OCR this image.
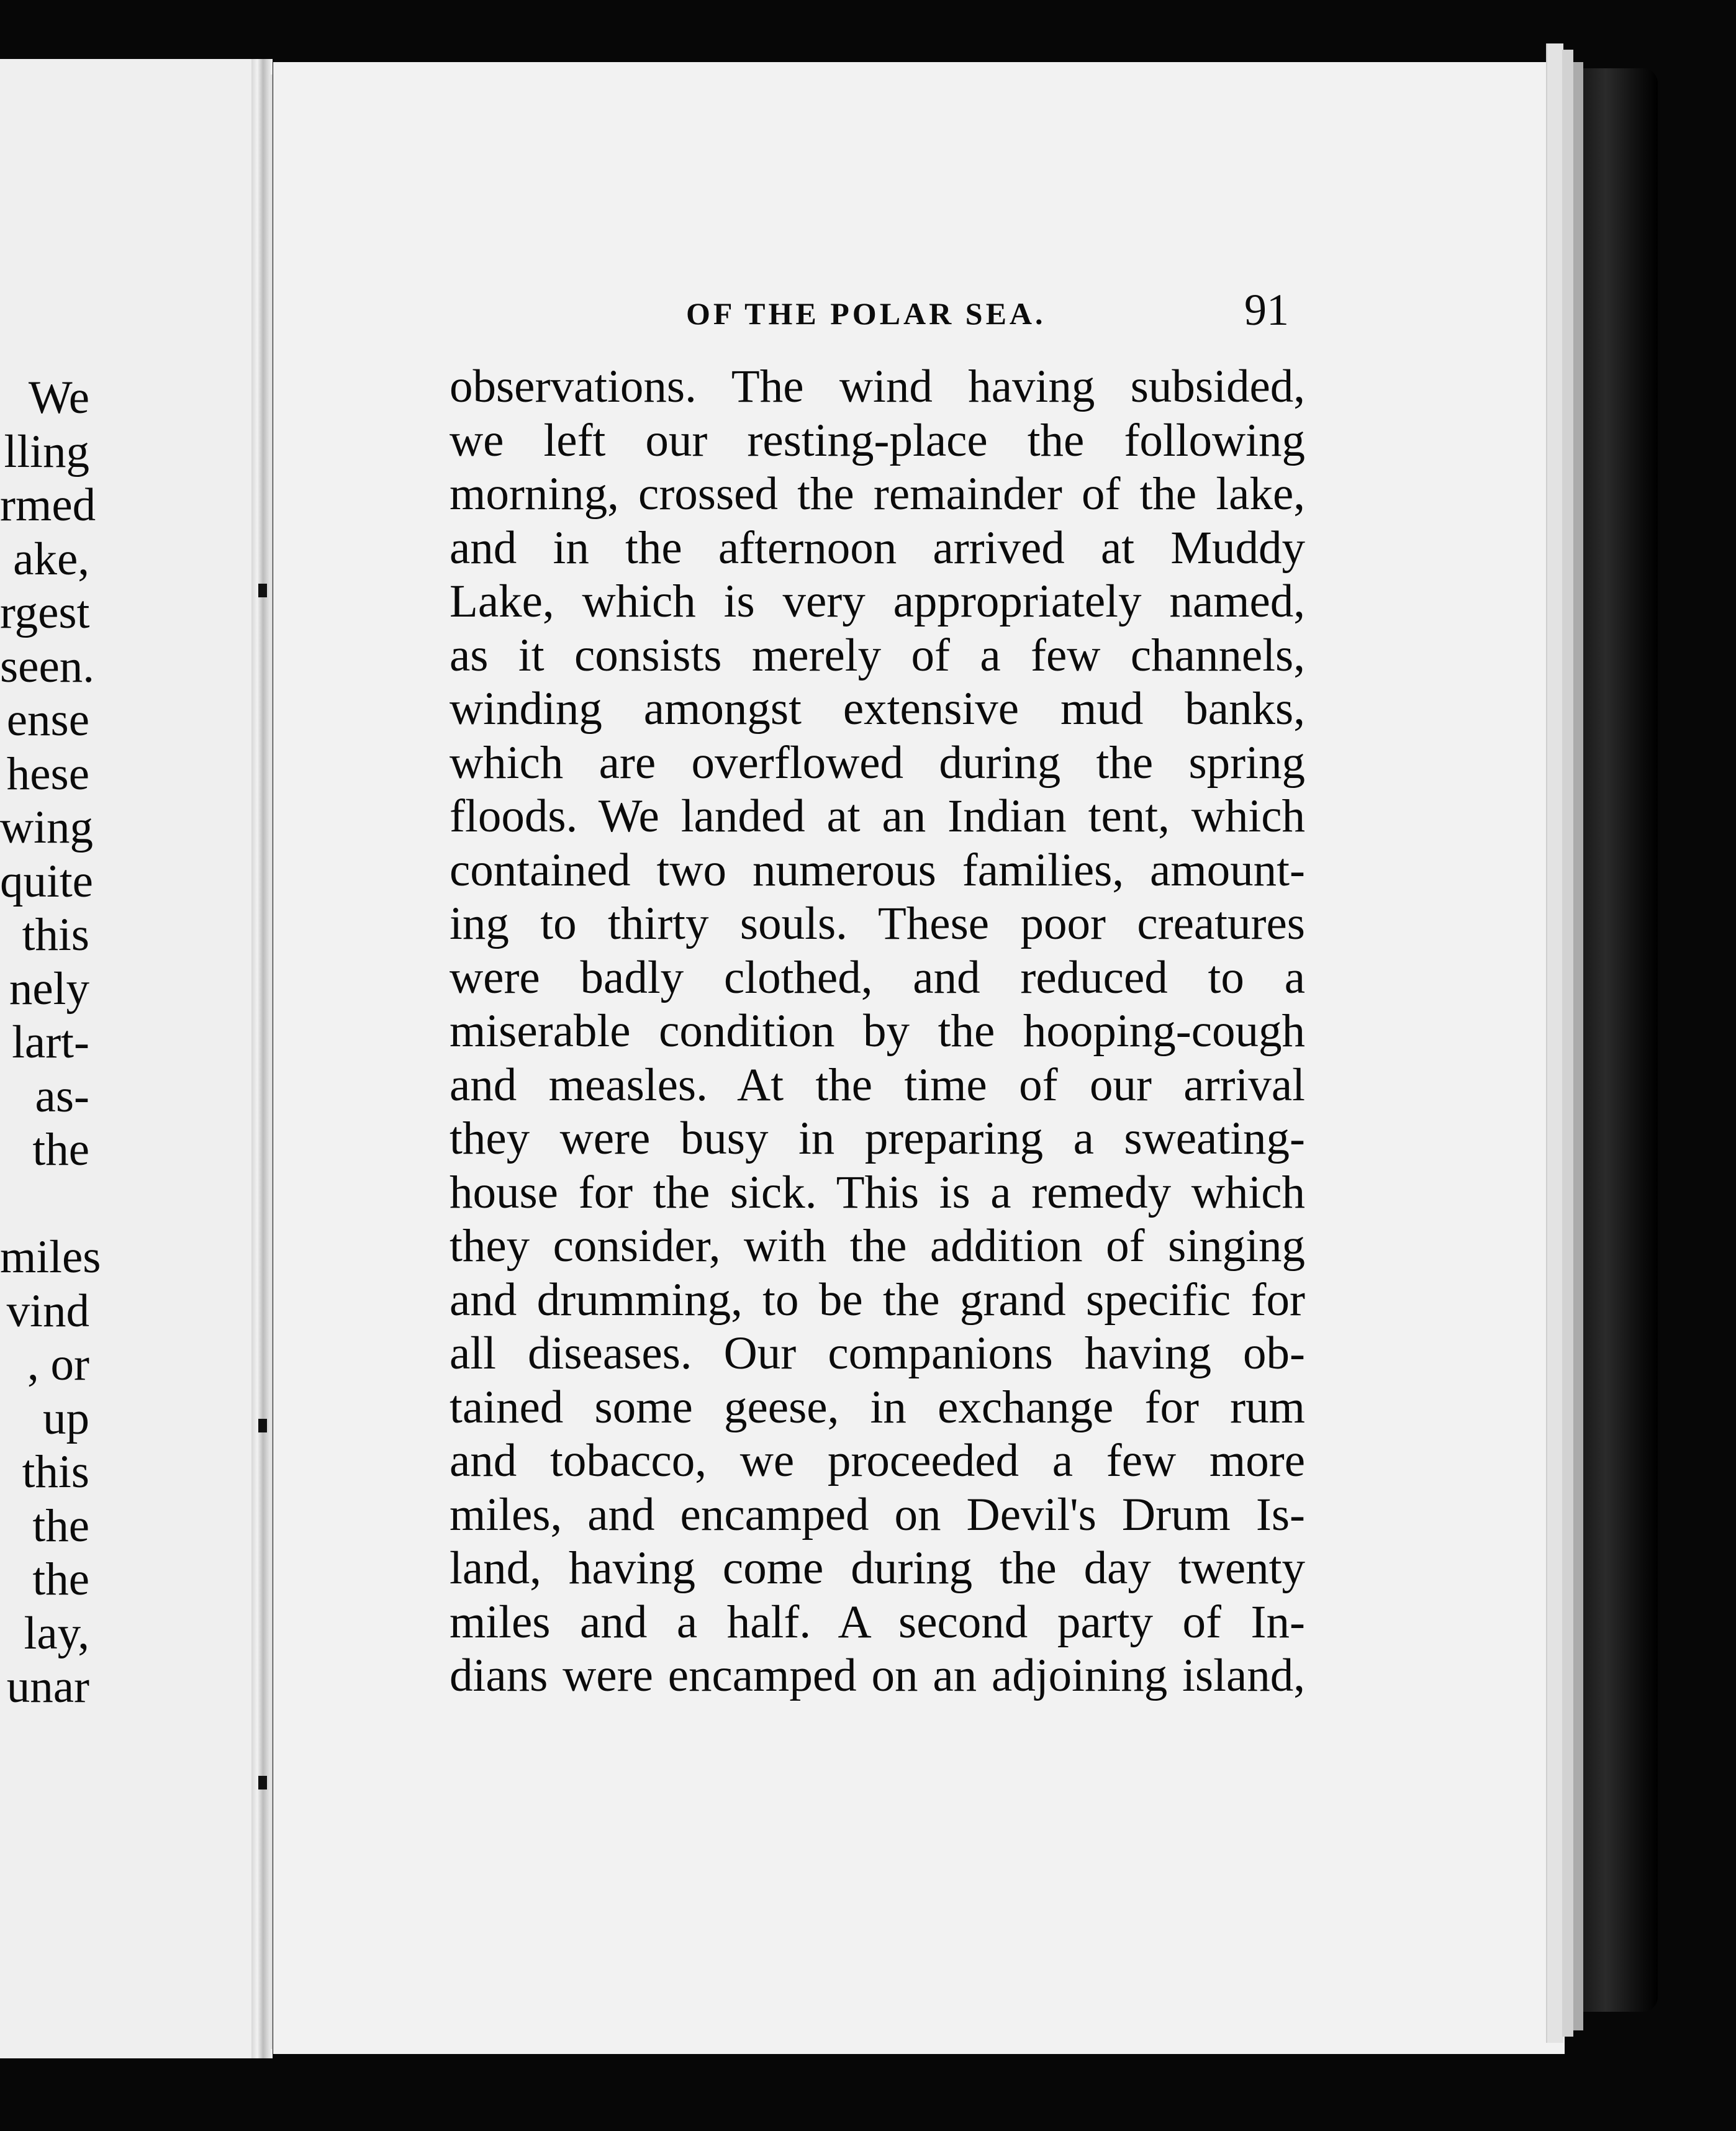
We
lling
rmed
ake,
rgest
seen.
ense
hese
wing
quite
this
nely
lart-
as-
the

miles
vind
, or
up
this
the
the
lay,
unar
OF THE POLAR SEA.	91
observations. The wind having subsided,
we left our resting-place the following
morning, crossed the remainder of the lake,
and in the afternoon arrived at Muddy
Lake, which is very appropriately named,
as it consists merely of a few channels,
winding amongst extensive mud banks,
which are overflowed during the spring
floods. We landed at an Indian tent, which
contained two numerous families, amount-
ing to thirty souls. These poor creatures
were badly clothed, and reduced to a
miserable condition by the hooping-cough
and measles. At the time of our arrival
they were busy in preparing a sweating-
house for the sick. This is a remedy which
they consider, with the addition of singing
and drumming, to be the grand specific for
all diseases. Our companions having ob-
tained some geese, in exchange for rum
and tobacco, we proceeded a few more
miles, and encamped on Devil's Drum Is-
land, having come during the day twenty
miles and a half. A second party of In-
dians were encamped on an adjoining island,
